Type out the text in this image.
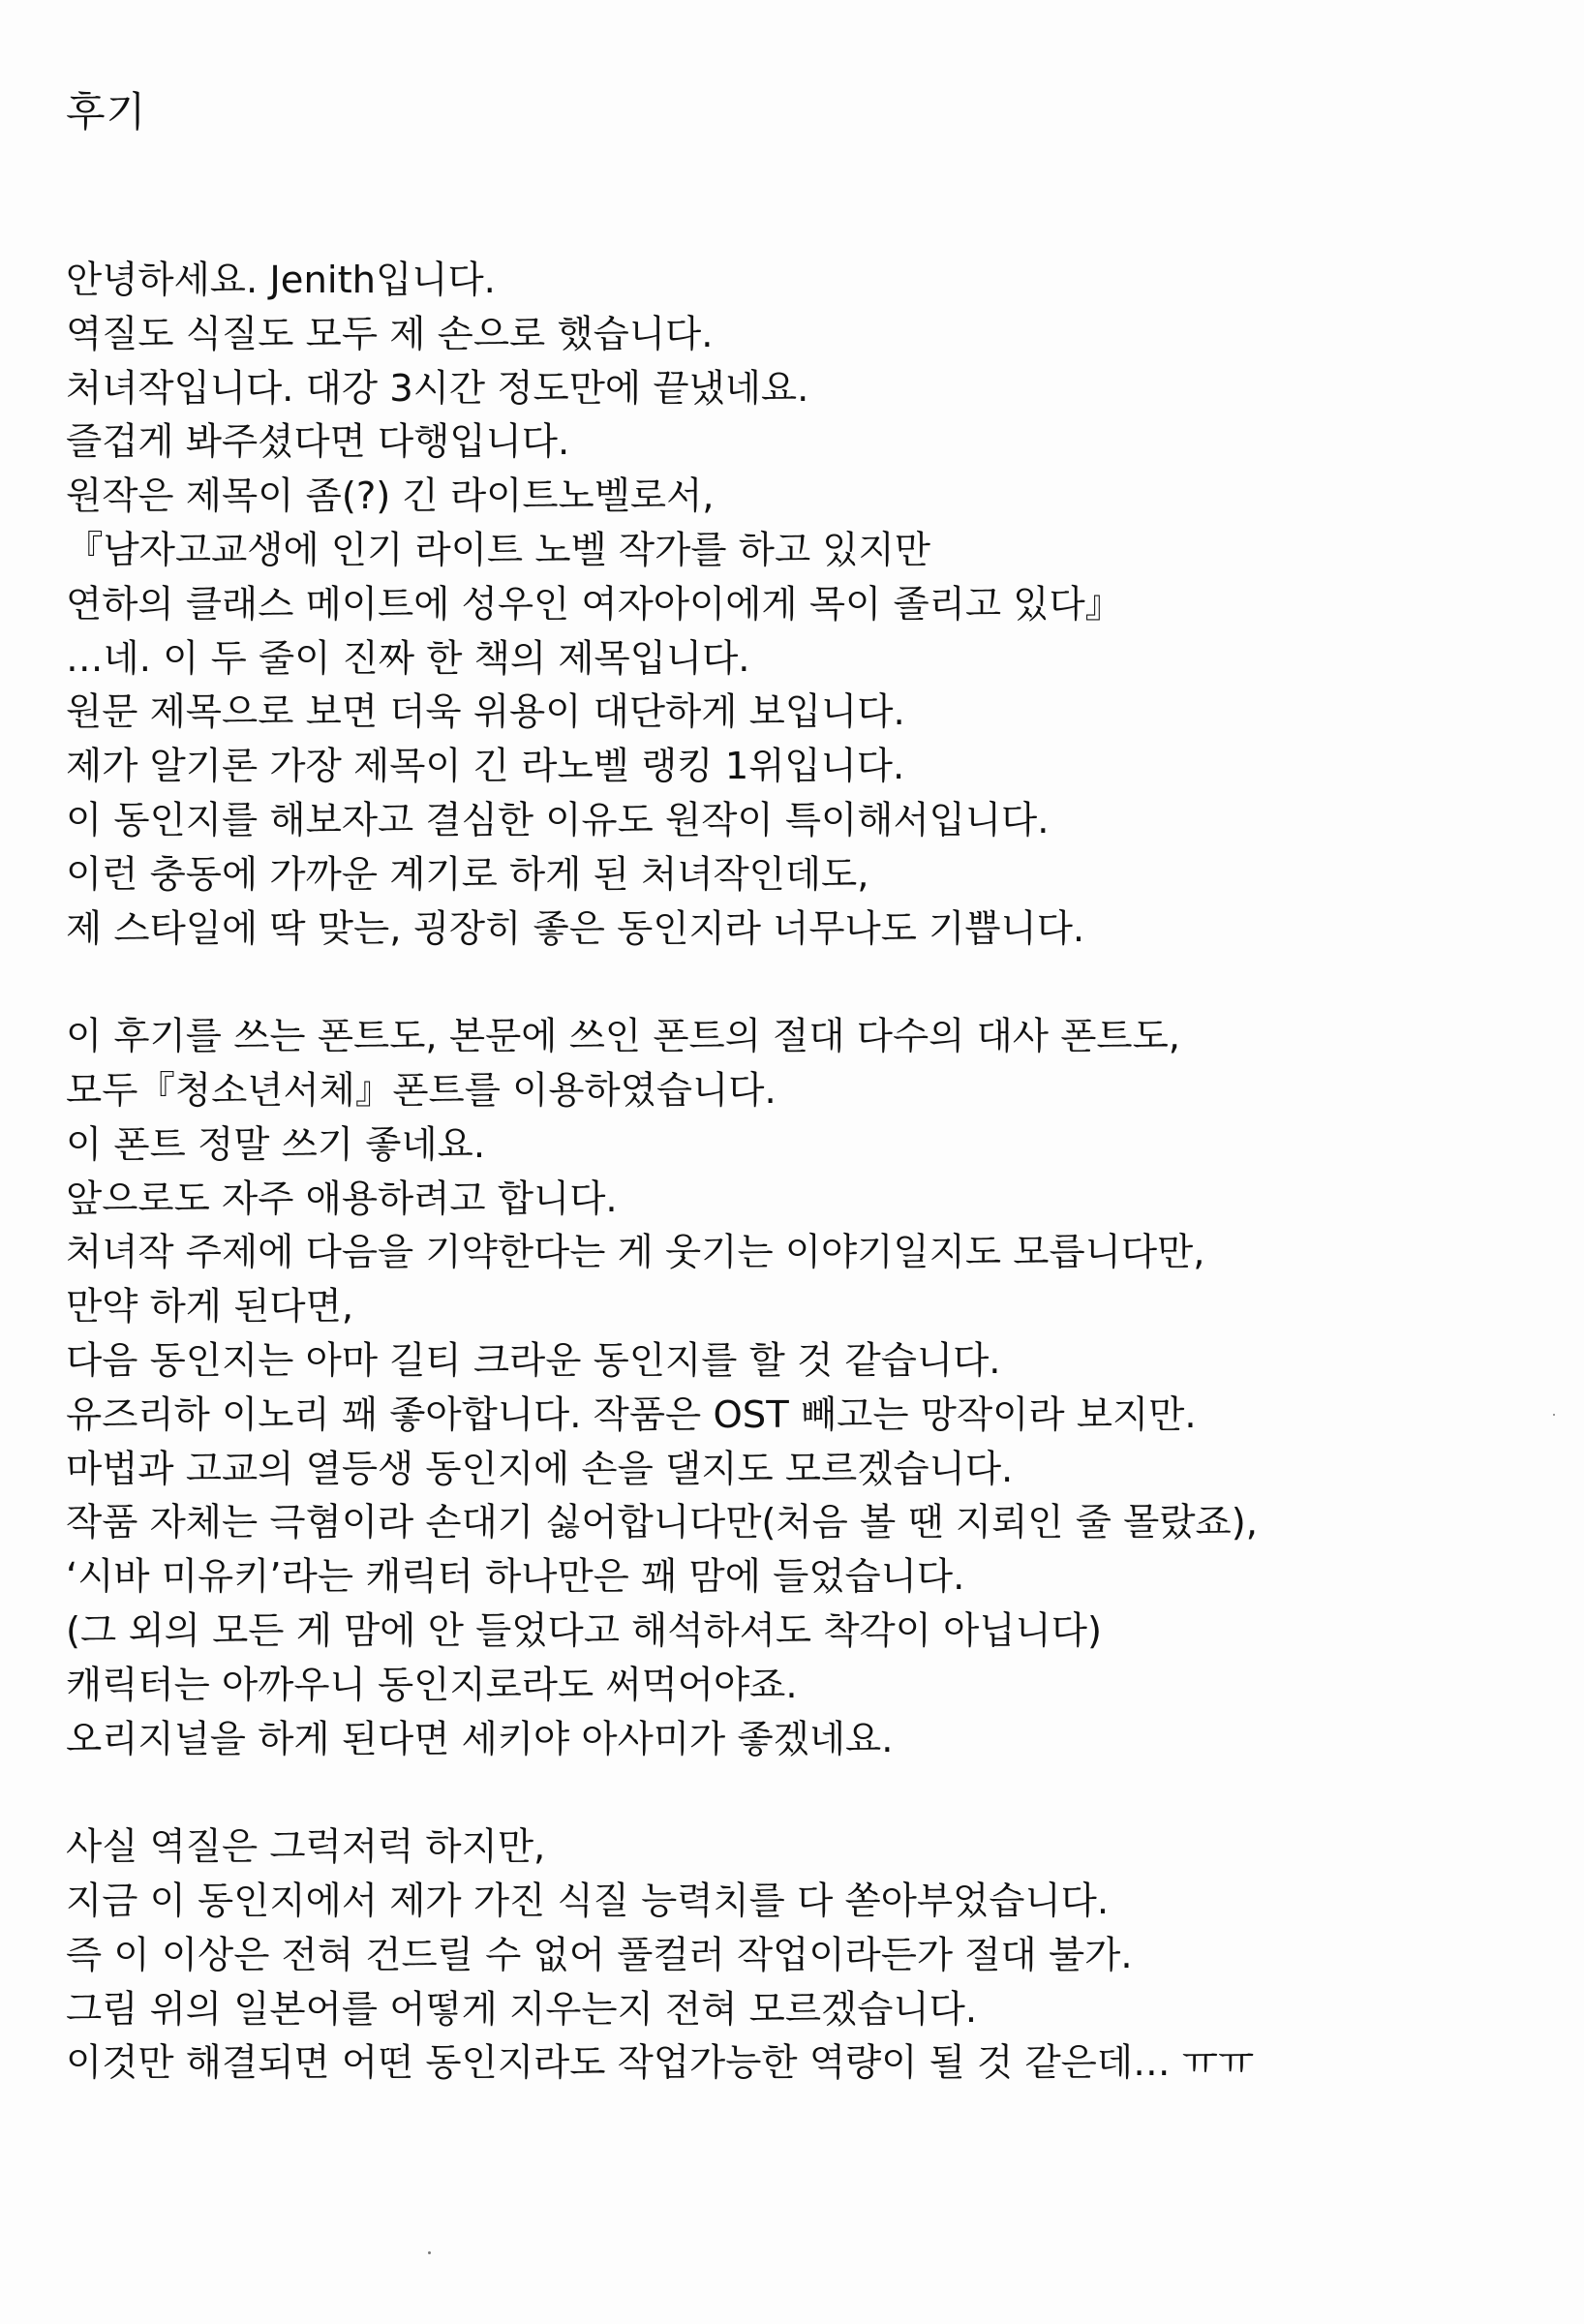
후기
안녕하세요. Jenith입니다.
역질도 식질도 모두 제 손으로 했습니다.
처녀작입니다. 대강 3시간 정도만에 끝냈네요.
즐겁게 봐주셨다면 다행입니다.
원작은 제목이 좀(?) 긴 라이트노벨로서,
『남자고교생에 인기 라이트 노벨 작가를 하고 있지만
연하의 클래스 메이트에 성우인 여자아이에게 목이 졸리고 있다』
…네. 이 두 줄이 진짜 한 책의 제목입니다.
원문 제목으로 보면 더욱 위용이 대단하게 보입니다.
제가 알기론 가장 제목이 긴 라노벨 랭킹 1위입니다.
이 동인지를 해보자고 결심한 이유도 원작이 특이해서입니다.
이런 충동에 가까운 계기로 하게 된 처녀작인데도,
제 스타일에 딱 맞는, 굉장히 좋은 동인지라 너무나도 기쁩니다.
이 후기를 쓰는 폰트도, 본문에 쓰인 폰트의 절대 다수의 대사 폰트도,
모두『청소년서체』폰트를 이용하였습니다.
이 폰트 정말 쓰기 좋네요.
앞으로도 자주 애용하려고 합니다.
처녀작 주제에 다음을 기약한다는 게 웃기는 이야기일지도 모릅니다만,
만약 하게 된다면,
다음 동인지는 아마 길티 크라운 동인지를 할 것 같습니다.
유즈리하 이노리 꽤 좋아합니다. 작품은 OST 빼고는 망작이라 보지만.
마법과 고교의 열등생 동인지에 손을 댈지도 모르겠습니다.
작품 자체는 극혐이라 손대기 싫어합니다만(처음 볼 땐 지뢰인 줄 몰랐죠),
‘시바 미유키’라는 캐릭터 하나만은 꽤 맘에 들었습니다.
(그 외의 모든 게 맘에 안 들었다고 해석하셔도 착각이 아닙니다)
캐릭터는 아까우니 동인지로라도 써먹어야죠.
오리지널을 하게 된다면 세키야 아사미가 좋겠네요.
사실 역질은 그럭저럭 하지만,
지금 이 동인지에서 제가 가진 식질 능력치를 다 쏟아부었습니다.
즉 이 이상은 전혀 건드릴 수 없어 풀컬러 작업이라든가 절대 불가.
그림 위의 일본어를 어떻게 지우는지 전혀 모르겠습니다.
이것만 해결되면 어떤 동인지라도 작업가능한 역량이 될 것 같은데… ㅠㅠ
